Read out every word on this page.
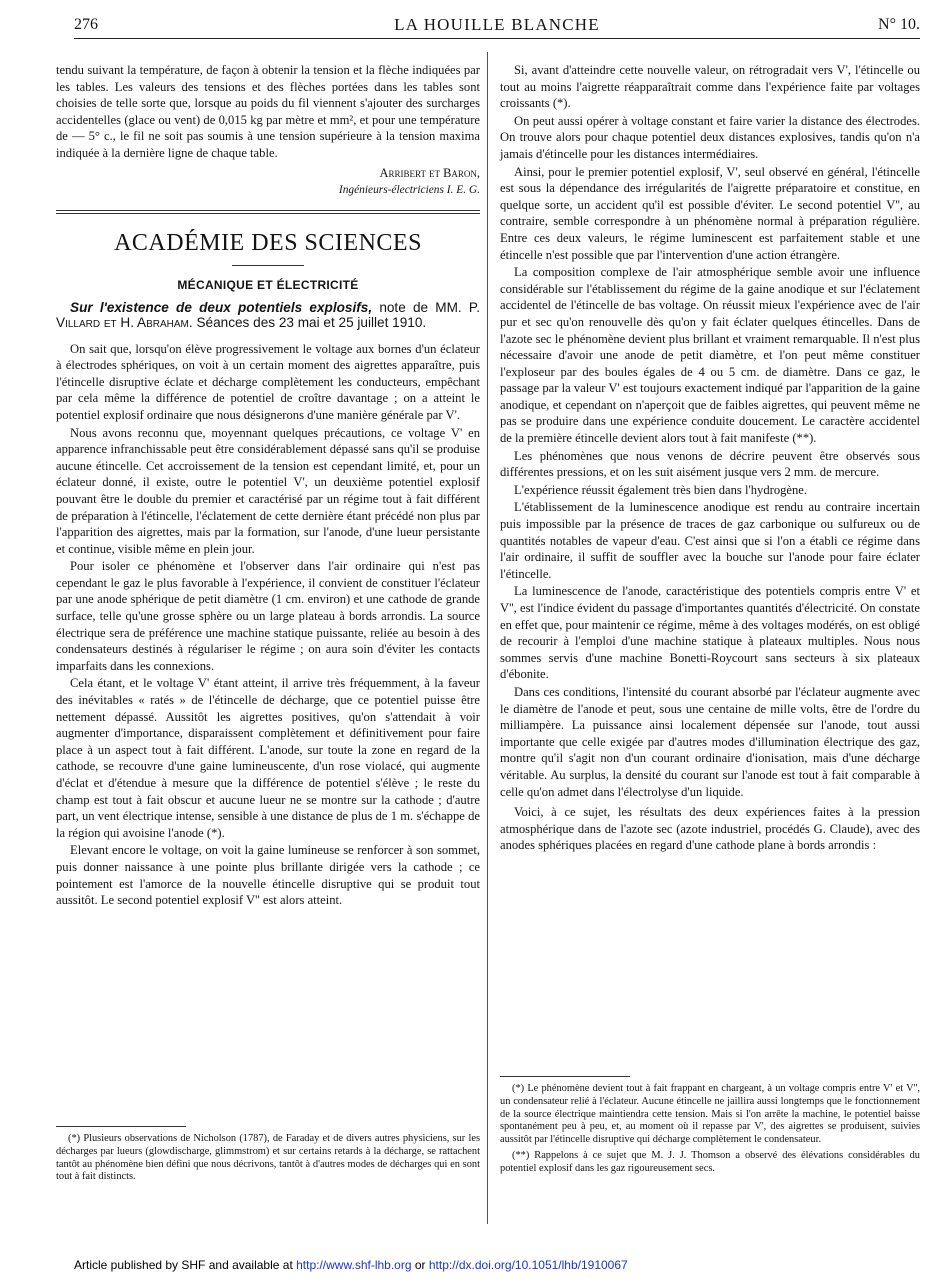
276	LA HOUILLE BLANCHE	N° 10.

tendu suivant la température, de façon à obtenir la tension et la flèche indiquées par les tables. Les valeurs des tensions et des flèches portées dans les tables sont choisies de telle sorte que, lorsque au poids du fil viennent s'ajouter des surcharges accidentelles (glace ou vent) de 0,015 kg par mètre et mm², et pour une température de — 5° c., le fil ne soit pas soumis à une tension supérieure à la tension maxima indiquée à la dernière ligne de chaque table.

Arribert et Baron,
Ingénieurs-électriciens I. E. G.
ACADÉMIE DES SCIENCES
MÉCANIQUE ET ÉLECTRICITÉ
Sur l'existence de deux potentiels explosifs, note de MM. P. Villard et H. Abraham. Séances des 23 mai et 25 juillet 1910.

On sait que, lorsqu'on élève progressivement le voltage aux bornes d'un éclateur à électrodes sphériques, on voit à un certain moment des aigrettes apparaître, puis l'étincelle disruptive éclate et décharge complètement les conducteurs, empêchant par cela même la différence de potentiel de croître davantage ; on a atteint le potentiel explosif ordinaire que nous désignerons d'une manière générale par V'.

Nous avons reconnu que, moyennant quelques précautions, ce voltage V' en apparence infranchissable peut être considérablement dépassé sans qu'il se produise aucune étincelle. Cet accroissement de la tension est cependant limité, et, pour un éclateur donné, il existe, outre le potentiel V', un deuxième potentiel explosif pouvant être le double du premier et caractérisé par un régime tout à fait différent de préparation à l'étincelle, l'éclatement de cette dernière étant précédé non plus par l'apparition des aigrettes, mais par la formation, sur l'anode, d'une lueur persistante et continue, visible même en plein jour.

Pour isoler ce phénomène et l'observer dans l'air ordinaire qui n'est pas cependant le gaz le plus favorable à l'expérience, il convient de constituer l'éclateur par une anode sphérique de petit diamètre (1 cm. environ) et une cathode de grande surface, telle qu'une grosse sphère ou un large plateau à bords arrondis. La source électrique sera de préférence une machine statique puissante, reliée au besoin à des condensateurs destinés à régulariser le régime ; on aura soin d'éviter les contacts imparfaits dans les connexions.

Cela étant, et le voltage V' étant atteint, il arrive très fréquemment, à la faveur des inévitables « ratés » de l'étincelle de décharge, que ce potentiel puisse être nettement dépassé. Aussitôt les aigrettes positives, qu'on s'attendait à voir augmenter d'importance, disparaissent complètement et définitivement pour faire place à un aspect tout à fait différent. L'anode, sur toute la zone en regard de la cathode, se recouvre d'une gaine lumineuscente, d'un rose violacé, qui augmente d'éclat et d'étendue à mesure que la différence de potentiel s'élève ; le reste du champ est tout à fait obscur et aucune lueur ne se montre sur la cathode ; d'autre part, un vent électrique intense, sensible à une distance de plus de 1 m. s'échappe de la région qui avoisine l'anode (*).

Elevant encore le voltage, on voit la gaine lumineuse se renforcer à son sommet, puis donner naissance à une pointe plus brillante dirigée vers la cathode ; ce pointement est l'amorce de la nouvelle étincelle disruptive qui se produit tout aussitôt. Le second potentiel explosif V'' est alors atteint.

(*) Plusieurs observations de Nicholson (1787), de Faraday et de divers autres physiciens, sur les décharges par lueurs (glowdischarge, glimmstrom) et sur certains retards à la décharge, se rattachent tantôt au phénomène bien défini que nous décrivons, tantôt à d'autres modes de décharges qui en sont tout à fait distincts.

Si, avant d'atteindre cette nouvelle valeur, on rétrogradait vers V', l'étincelle ou tout au moins l'aigrette réapparaîtrait comme dans l'expérience faite par voltages croissants (*).

On peut aussi opérer à voltage constant et faire varier la distance des électrodes. On trouve alors pour chaque potentiel deux distances explosives, tandis qu'on n'a jamais d'étincelle pour les distances intermédiaires.

Ainsi, pour le premier potentiel explosif, V', seul observé en général, l'étincelle est sous la dépendance des irrégularités de l'aigrette préparatoire et constitue, en quelque sorte, un accident qu'il est possible d'éviter. Le second potentiel V'', au contraire, semble correspondre à un phénomène normal à préparation régulière. Entre ces deux valeurs, le régime luminescent est parfaitement stable et une étincelle n'est possible que par l'intervention d'une action étrangère.

La composition complexe de l'air atmosphérique semble avoir une influence considérable sur l'établissement du régime de la gaine anodique et sur l'éclatement accidentel de l'étincelle de bas voltage. On réussit mieux l'expérience avec de l'air pur et sec qu'on renouvelle dès qu'on y fait éclater quelques étincelles. Dans de l'azote sec le phénomène devient plus brillant et vraiment remarquable. Il n'est plus nécessaire d'avoir une anode de petit diamètre, et l'on peut même constituer l'exploseur par des boules égales de 4 ou 5 cm. de diamètre. Dans ce gaz, le passage par la valeur V' est toujours exactement indiqué par l'apparition de la gaine anodique, et cependant on n'aperçoit que de faibles aigrettes, qui peuvent même ne pas se produire dans une expérience conduite doucement. Le caractère accidentel de la première étincelle devient alors tout à fait manifeste (**).

Les phénomènes que nous venons de décrire peuvent être observés sous différentes pressions, et on les suit aisément jusque vers 2 mm. de mercure.

L'expérience réussit également très bien dans l'hydrogène.

L'établissement de la luminescence anodique est rendu au contraire incertain puis impossible par la présence de traces de gaz carbonique ou sulfureux ou de quantités notables de vapeur d'eau. C'est ainsi que si l'on a établi ce régime dans l'air ordinaire, il suffit de souffler avec la bouche sur l'anode pour faire éclater l'étincelle.

La luminescence de l'anode, caractéristique des potentiels compris entre V' et V'', est l'indice évident du passage d'importantes quantités d'électricité. On constate en effet que, pour maintenir ce régime, même à des voltages modérés, on est obligé de recourir à l'emploi d'une machine statique à plateaux multiples. Nous nous sommes servis d'une machine Bonetti-Roycourt sans secteurs à six plateaux d'ébonite.

Dans ces conditions, l'intensité du courant absorbé par l'éclateur augmente avec le diamètre de l'anode et peut, sous une centaine de mille volts, être de l'ordre du milliampère. La puissance ainsi localement dépensée sur l'anode, tout aussi importante que celle exigée par d'autres modes d'illumination électrique des gaz, montre qu'il s'agit non d'un courant ordinaire d'ionisation, mais d'une décharge véritable. Au surplus, la densité du courant sur l'anode est tout à fait comparable à celle qu'on admet dans l'électrolyse d'un liquide.

Voici, à ce sujet, les résultats des deux expériences faites à la pression atmosphérique dans de l'azote sec (azote industriel, procédés G. Claude), avec des anodes sphériques placées en regard d'une cathode plane à bords arrondis :

(*) Le phénomène devient tout à fait frappant en chargeant, à un voltage compris entre V' et V'', un condensateur relié à l'éclateur. Aucune étincelle ne jaillira aussi longtemps que le fonctionnement de la source électrique maintiendra cette tension. Mais si l'on arrête la machine, le potentiel baisse spontanément peu à peu, et, au moment où il repasse par V', des aigrettes se produisent, suivies aussitôt par l'étincelle disruptive qui décharge complètement le condensateur.

(**) Rappelons à ce sujet que M. J. J. Thomson a observé des élévations considérables du potentiel explosif dans les gaz rigoureusement secs.

Article published by SHF and available at http://www.shf-lhb.org or http://dx.doi.org/10.1051/lhb/1910067
